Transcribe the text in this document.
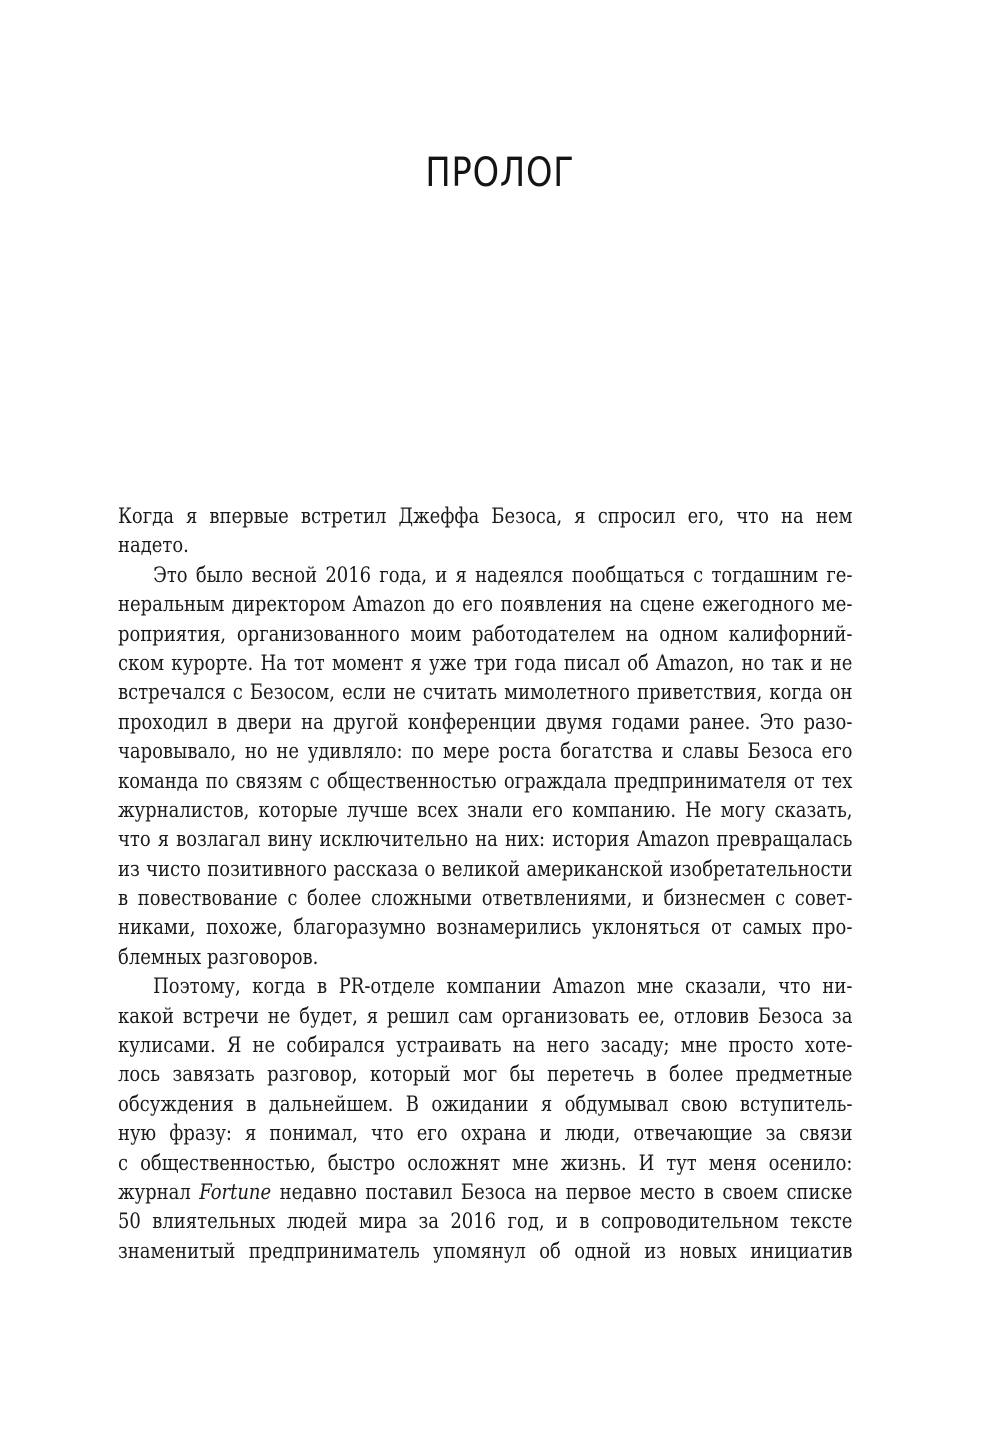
ПРОЛОГ
Когда я впервые встретил Джеффа Безоса, я спросил его, что на нем
надето.
Это было весной 2016 года, и я надеялся пообщаться с тогдашним ге-
неральным директором Amazon до его появления на сцене ежегодного ме-
роприятия, организованного моим работодателем на одном калифорний-
ском курорте. На тот момент я уже три года писал об Amazon, но так и не
встречался с Безосом, если не считать мимолетного приветствия, когда он
проходил в двери на другой конференции двумя годами ранее. Это разо-
чаровывало, но не удивляло: по мере роста богатства и славы Безоса его
команда по связям с общественностью ограждала предпринимателя от тех
журналистов, которые лучше всех знали его компанию. Не могу сказать,
что я возлагал вину исключительно на них: история Amazon превращалась
из чисто позитивного рассказа о великой американской изобретательности
в повествование с более сложными ответвлениями, и бизнесмен с совет-
никами, похоже, благоразумно вознамерились уклоняться от самых про-
блемных разговоров.
Поэтому, когда в PR-отделе компании Amazon мне сказали, что ни-
какой встречи не будет, я решил сам организовать ее, отловив Безоса за
кулисами. Я не собирался устраивать на него засаду; мне просто хоте-
лось завязать разговор, который мог бы перетечь в более предметные
обсуждения в дальнейшем. В ожидании я обдумывал свою вступитель-
ную фразу: я понимал, что его охрана и люди, отвечающие за связи
с общественностью, быстро осложнят мне жизнь. И тут меня осенило:
журнал Fortune недавно поставил Безоса на первое место в своем списке
50 влиятельных людей мира за 2016 год, и в сопроводительном тексте
знаменитый предприниматель упомянул об одной из новых инициатив
